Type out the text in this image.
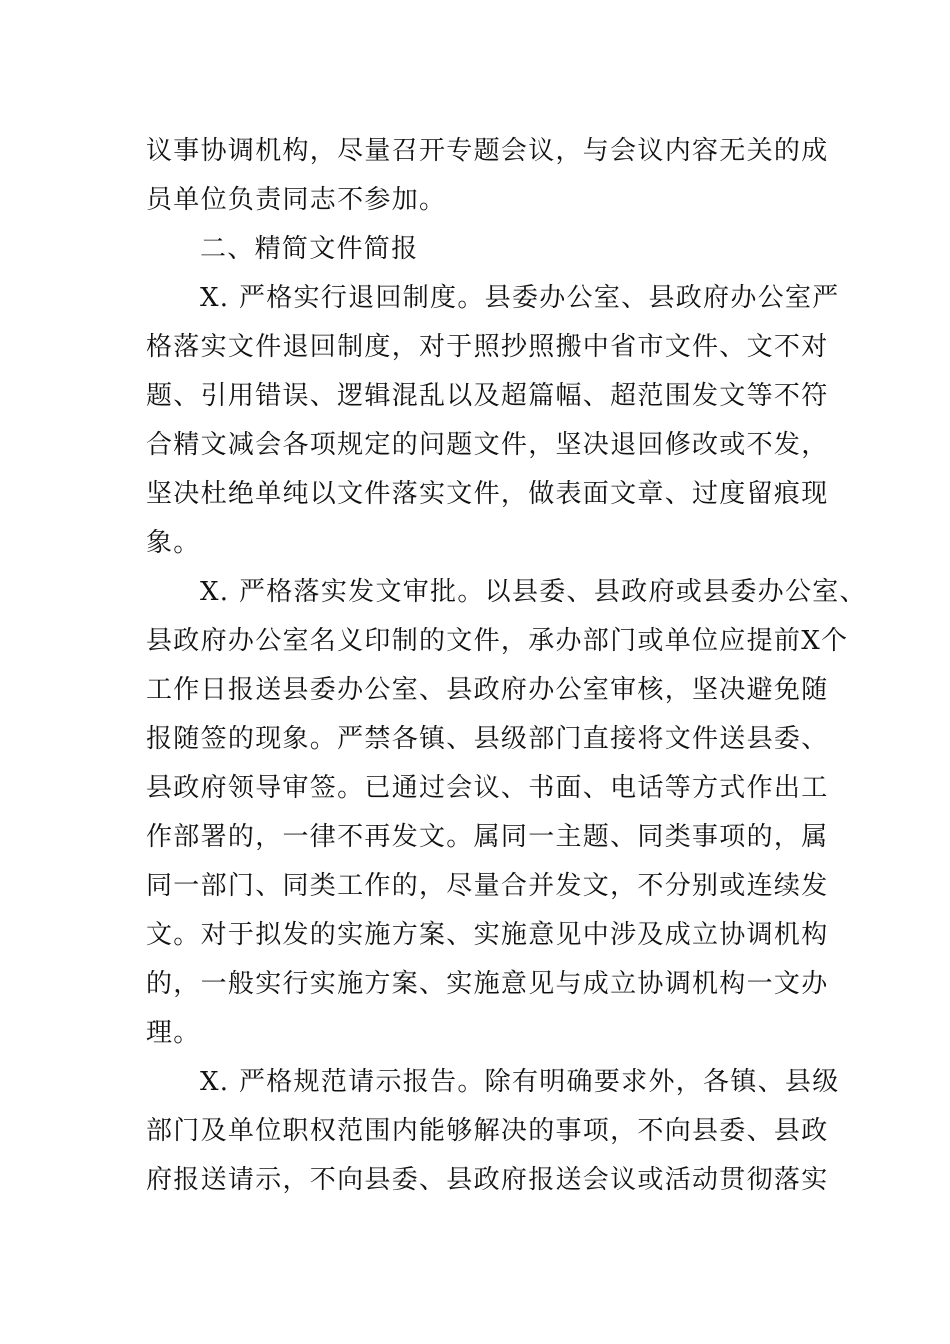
议事协调机构，尽量召开专题会议，与会议内容无关的成
员单位负责同志不参加。
二、精简文件简报
X. 严格实行退回制度。县委办公室、县政府办公室严
格落实文件退回制度，对于照抄照搬中省市文件、文不对
题、引用错误、逻辑混乱以及超篇幅、超范围发文等不符
合精文减会各项规定的问题文件，坚决退回修改或不发，
坚决杜绝单纯以文件落实文件，做表面文章、过度留痕现
象。
X. 严格落实发文审批。以县委、县政府或县委办公室、
县政府办公室名义印制的文件，承办部门或单位应提前X个
工作日报送县委办公室、县政府办公室审核，坚决避免随
报随签的现象。严禁各镇、县级部门直接将文件送县委、
县政府领导审签。已通过会议、书面、电话等方式作出工
作部署的，一律不再发文。属同一主题、同类事项的，属
同一部门、同类工作的，尽量合并发文，不分别或连续发
文。对于拟发的实施方案、实施意见中涉及成立协调机构
的，一般实行实施方案、实施意见与成立协调机构一文办
理。
X. 严格规范请示报告。除有明确要求外，各镇、县级
部门及单位职权范围内能够解决的事项，不向县委、县政
府报送请示，不向县委、县政府报送会议或活动贯彻落实
